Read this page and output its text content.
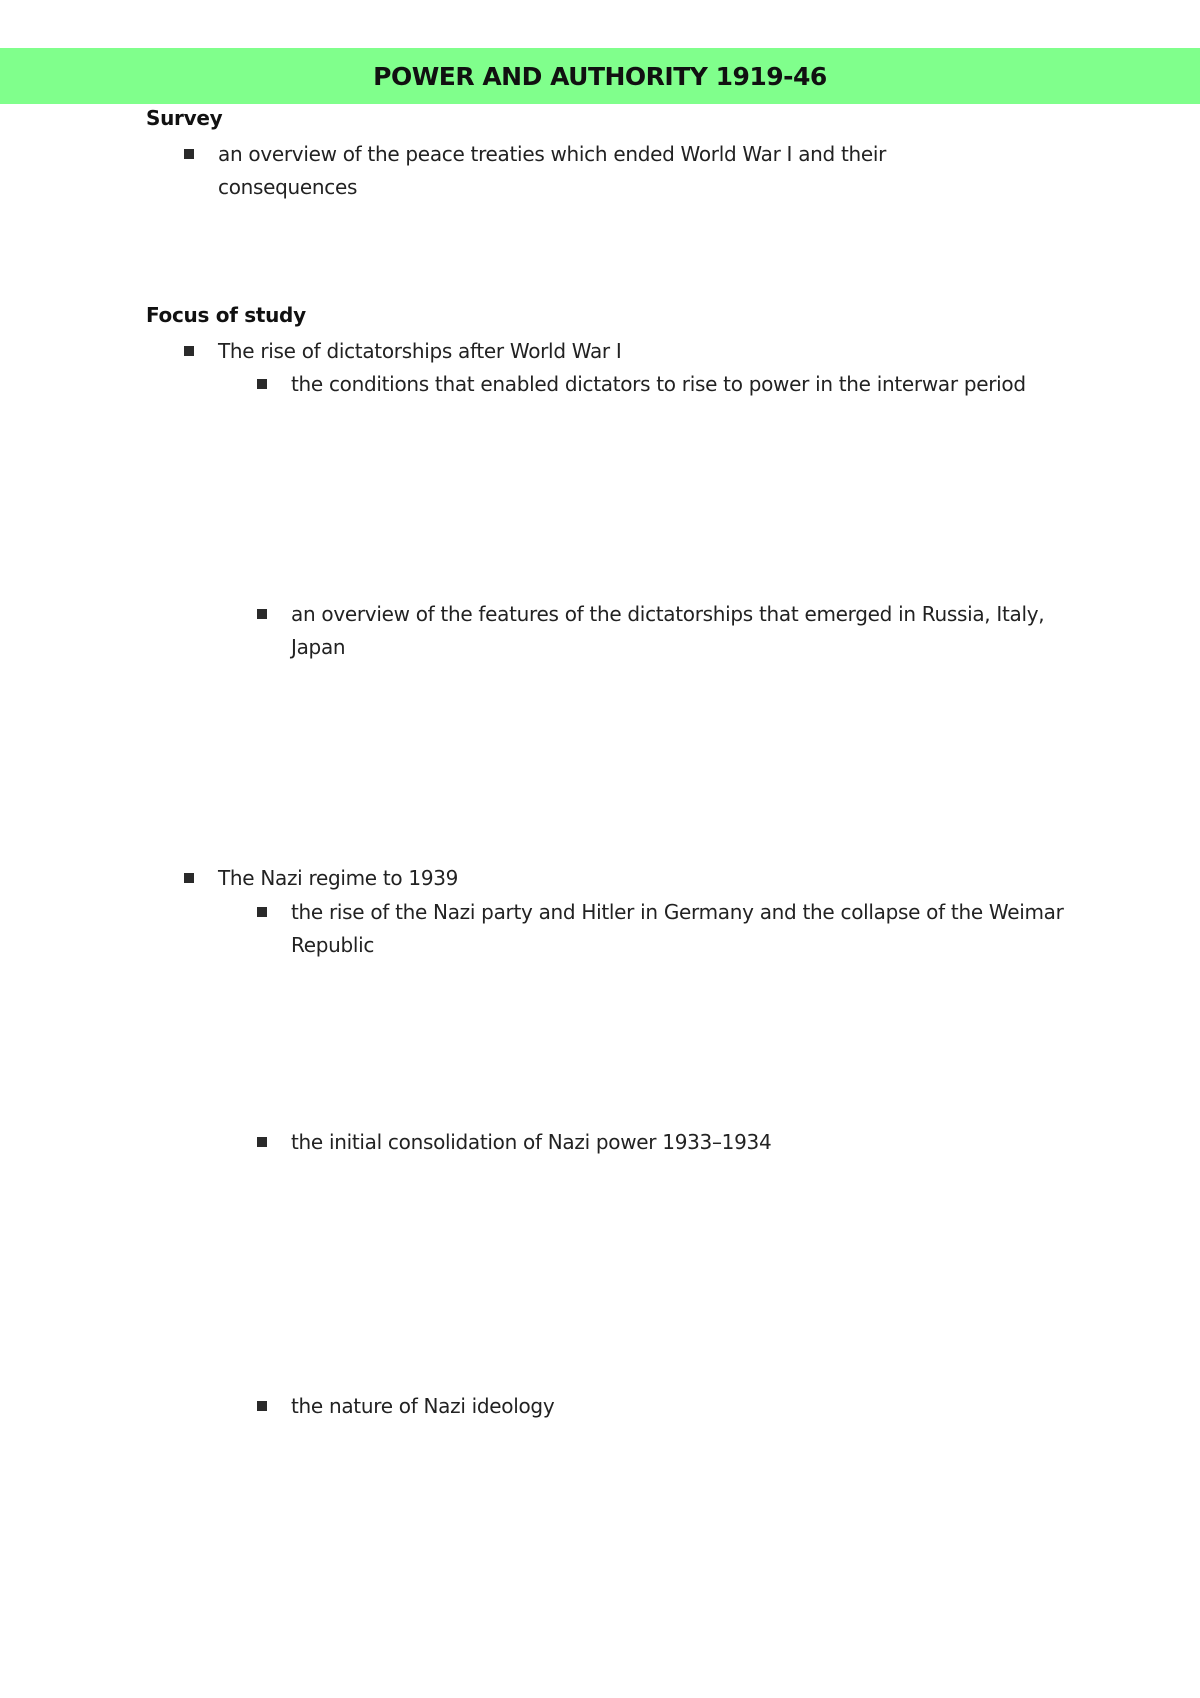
POWER AND AUTHORITY 1919-46
Survey
an overview of the peace treaties which ended World War I and their consequences
Focus of study
The rise of dictatorships after World War I
the conditions that enabled dictators to rise to power in the interwar period
an overview of the features of the dictatorships that emerged in Russia, Italy, Japan
The Nazi regime to 1939
the rise of the Nazi party and Hitler in Germany and the collapse of the Weimar Republic
the initial consolidation of Nazi power 1933–1934
the nature of Nazi ideology
